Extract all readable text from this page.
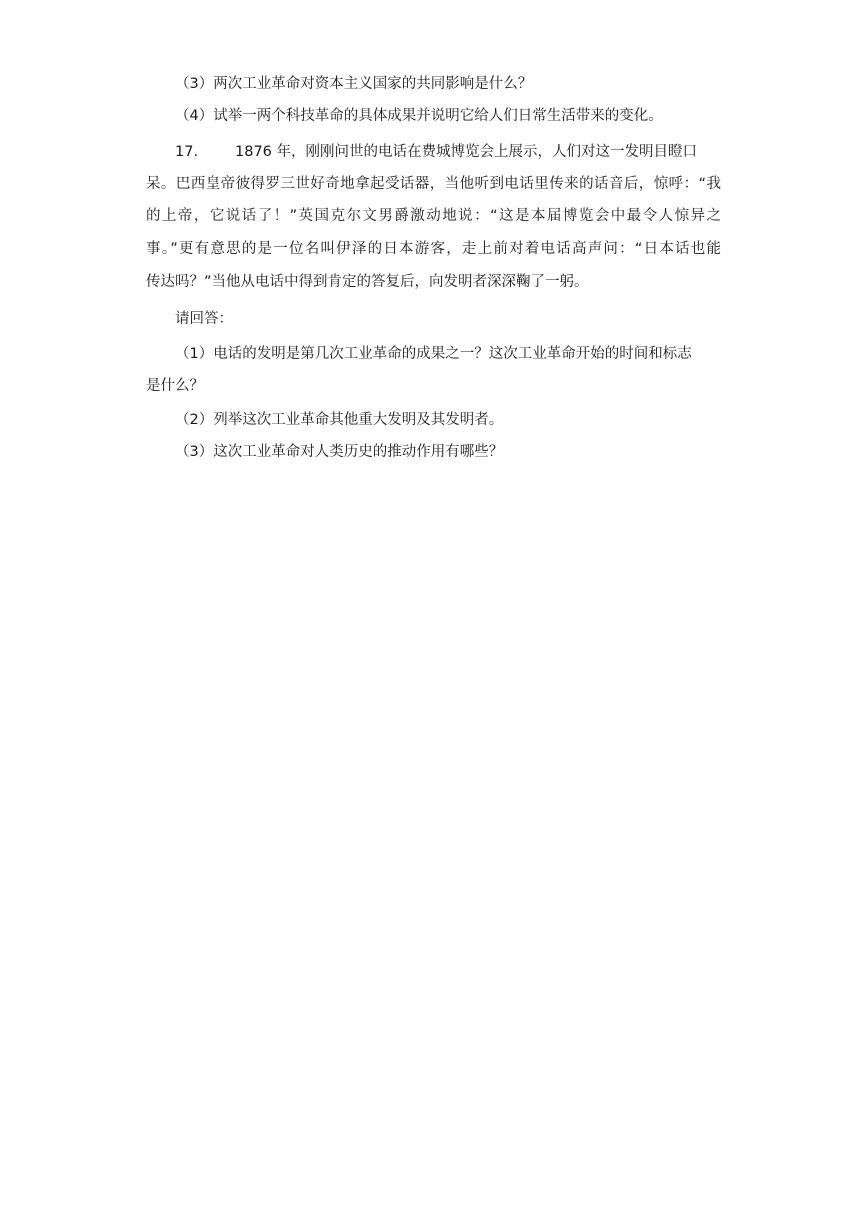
（3）两次工业革命对资本主义国家的共同影响是什么？
（4）试举一两个科技革命的具体成果并说明它给人们日常生活带来的变化。
17.	1876 年，刚刚问世的电话在费城博览会上展示，人们对这一发明目瞪口
呆。巴西皇帝彼得罗三世好奇地拿起受话器，当他听到电话里传来的话音后，惊呼：“我
的上帝，它说话了！”英国克尔文男爵激动地说：“这是本届博览会中最令人惊异之
事。”更有意思的是一位名叫伊泽的日本游客，走上前对着电话高声问：“日本话也能
传达吗？”当他从电话中得到肯定的答复后，向发明者深深鞠了一躬。
请回答：
（1）电话的发明是第几次工业革命的成果之一？这次工业革命开始的时间和标志
是什么？
（2）列举这次工业革命其他重大发明及其发明者。
（3）这次工业革命对人类历史的推动作用有哪些？
